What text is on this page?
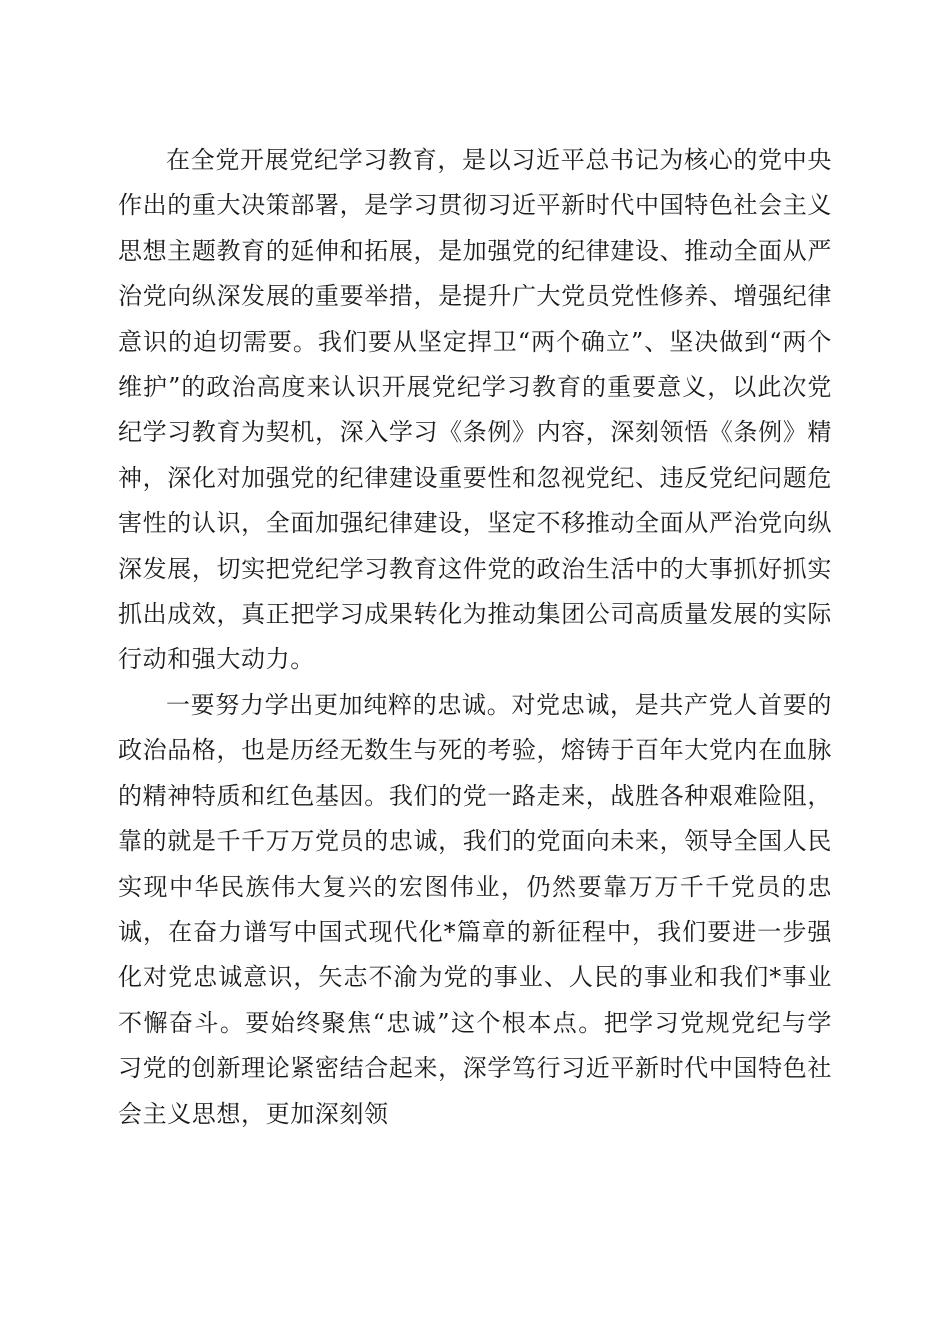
在全党开展党纪学习教育，是以习近平总书记为核心的党中央作出的重大决策部署，是学习贯彻习近平新时代中国特色社会主义思想主题教育的延伸和拓展，是加强党的纪律建设、推动全面从严治党向纵深发展的重要举措，是提升广大党员党性修养、增强纪律意识的迫切需要。我们要从坚定捍卫“两个确立”、坚决做到“两个维护”的政治高度来认识开展党纪学习教育的重要意义，以此次党纪学习教育为契机，深入学习《条例》内容，深刻领悟《条例》精神，深化对加强党的纪律建设重要性和忽视党纪、违反党纪问题危害性的认识，全面加强纪律建设，坚定不移推动全面从严治党向纵深发展，切实把党纪学习教育这件党的政治生活中的大事抓好抓实抓出成效，真正把学习成果转化为推动集团公司高质量发展的实际行动和强大动力。

一要努力学出更加纯粹的忠诚。对党忠诚，是共产党人首要的政治品格，也是历经无数生与死的考验，熔铸于百年大党内在血脉的精神特质和红色基因。我们的党一路走来，战胜各种艰难险阻，靠的就是千千万万党员的忠诚，我们的党面向未来，领导全国人民实现中华民族伟大复兴的宏图伟业，仍然要靠万万千千党员的忠诚，在奋力谱写中国式现代化*篇章的新征程中，我们要进一步强化对党忠诚意识，矢志不渝为党的事业、人民的事业和我们*事业不懈奋斗。要始终聚焦“忠诚”这个根本点。把学习党规党纪与学习党的创新理论紧密结合起来，深学笃行习近平新时代中国特色社会主义思想，更加深刻领
